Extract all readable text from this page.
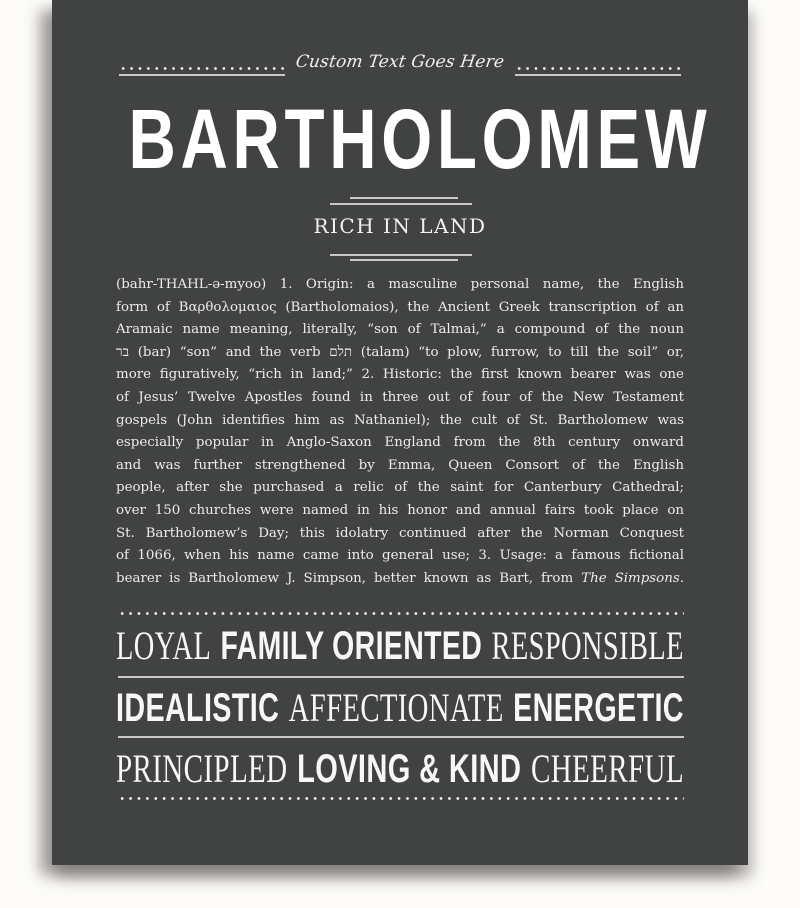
Custom Text Goes Here
BARTHOLOMEW
RICH IN LAND
(bahr-THAHL-ə-myoo) 1. Origin: a masculine personal name, the English
form of Βαρθολομαιος (Bartholomaios), the Ancient Greek transcription of an
Aramaic name meaning, literally, “son of Talmai,” a compound of the noun
בר (bar) “son” and the verb תלם (talam) “to plow, furrow, to till the soil” or,
more figuratively, “rich in land;” 2. Historic: the first known bearer was one
of Jesus’ Twelve Apostles found in three out of four of the New Testament
gospels (John identifies him as Nathaniel); the cult of St. Bartholomew was
especially popular in Anglo-Saxon England from the 8th century onward
and was further strengthened by Emma, Queen Consort of the English
people, after she purchased a relic of the saint for Canterbury Cathedral;
over 150 churches were named in his honor and annual fairs took place on
St. Bartholomew’s Day; this idolatry continued after the Norman Conquest
of 1066, when his name came into general use; 3. Usage: a famous fictional
bearer is Bartholomew J. Simpson, better known as Bart, from The Simpsons.
LOYAL FAMILY ORIENTED RESPONSIBLE
IDEALISTIC AFFECTIONATE ENERGETIC
PRINCIPLED LOVING & KIND CHEERFUL
